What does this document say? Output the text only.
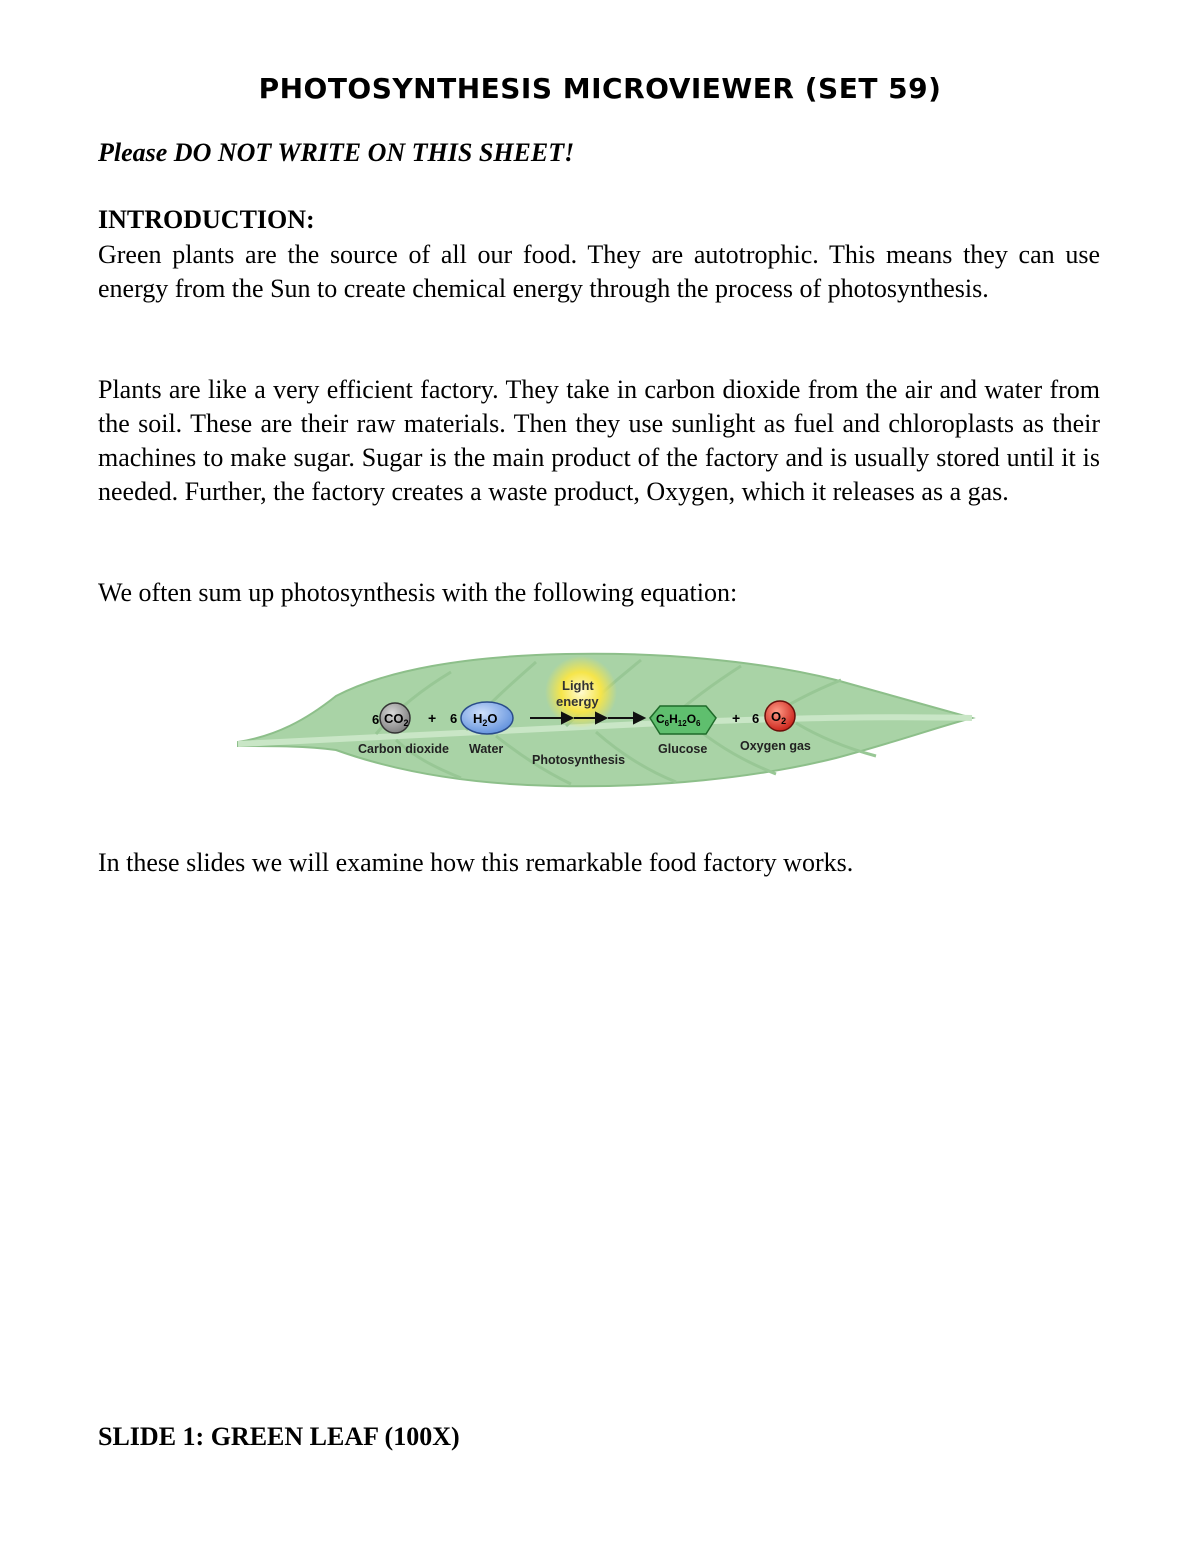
PHOTOSYNTHESIS MICROVIEWER (SET 59)

Please DO NOT WRITE ON THIS SHEET!

INTRODUCTION:

Green plants are the source of all our food. They are autotrophic. This means they can use energy from the Sun to create chemical energy through the process of photosynthesis.

Plants are like a very efficient factory. They take in carbon dioxide from the air and water from the soil. These are their raw materials. Then they use sunlight as fuel and chloroplasts as their machines to make sugar. Sugar is the main product of the factory and is usually stored until it is needed. Further, the factory creates a waste product, Oxygen, which it releases as a gas.

We often sum up photosynthesis with the following equation:

6 $CO_2 + 6$ $H_2O$
Light
energy
$C_6H_{12}O_6 + 6$ $O_2$
Carbon dioxide Water
Photosynthesis
Glucose	Oxygen gas

In these slides we will examine how this remarkable food factory works.

SLIDE 1: GREEN LEAF (100X)
